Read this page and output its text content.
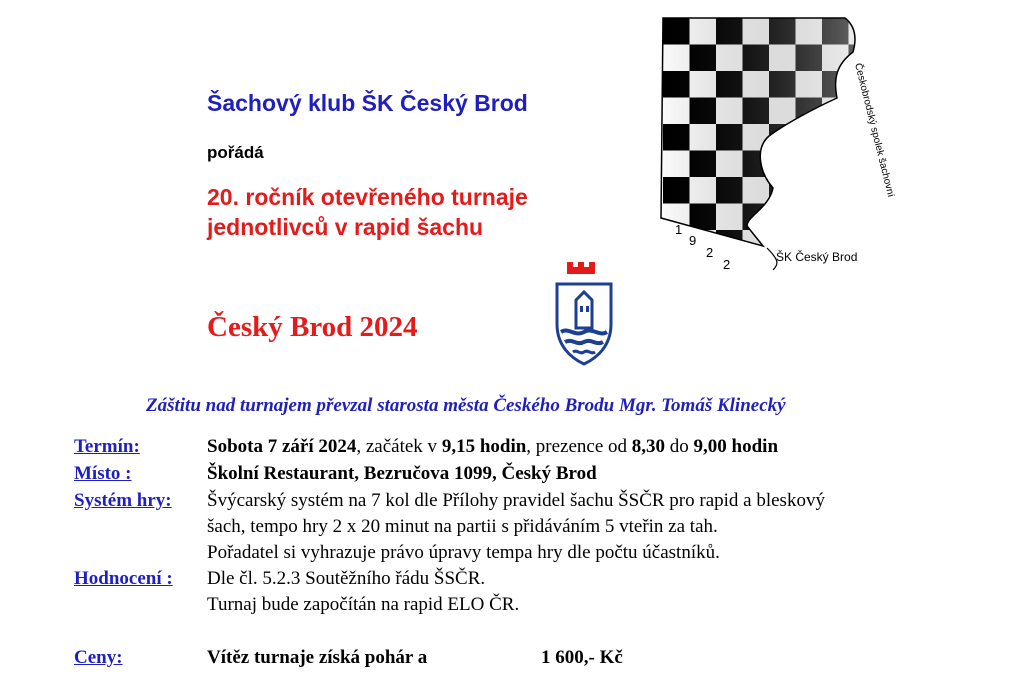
Šachový klub ŠK Český Brod
pořádá
20. ročník otevřeného turnaje
jednotlivců v rapid šachu
Český Brod 2024
Českobrodský spolek šachovní
1
9
2
2	ŠK Český Brod
Záštitu nad turnajem převzal starosta města Českého Brodu Mgr. Tomáš Klinecký
Termín:	Sobota 7 září 2024, začátek v 9,15 hodin, prezence od 8,30 do 9,00 hodin
Místo :	Školní Restaurant, Bezručova 1099, Český Brod
Systém hry: Švýcarský systém na 7 kol dle Přílohy pravidel šachu ŠSČR pro rapid a bleskový
šach, tempo hry 2 x 20 minut na partii s přidáváním 5 vteřin za tah.
Pořadatel si vyhrazuje právo úpravy tempa hry dle počtu účastníků.
Hodnocení : Dle čl. 5.2.3 Soutěžního řádu ŠSČR.
Turnaj bude započítán na rapid ELO ČR.
Ceny:	Vítěz turnaje získá pohár a	1 600,- Kč
